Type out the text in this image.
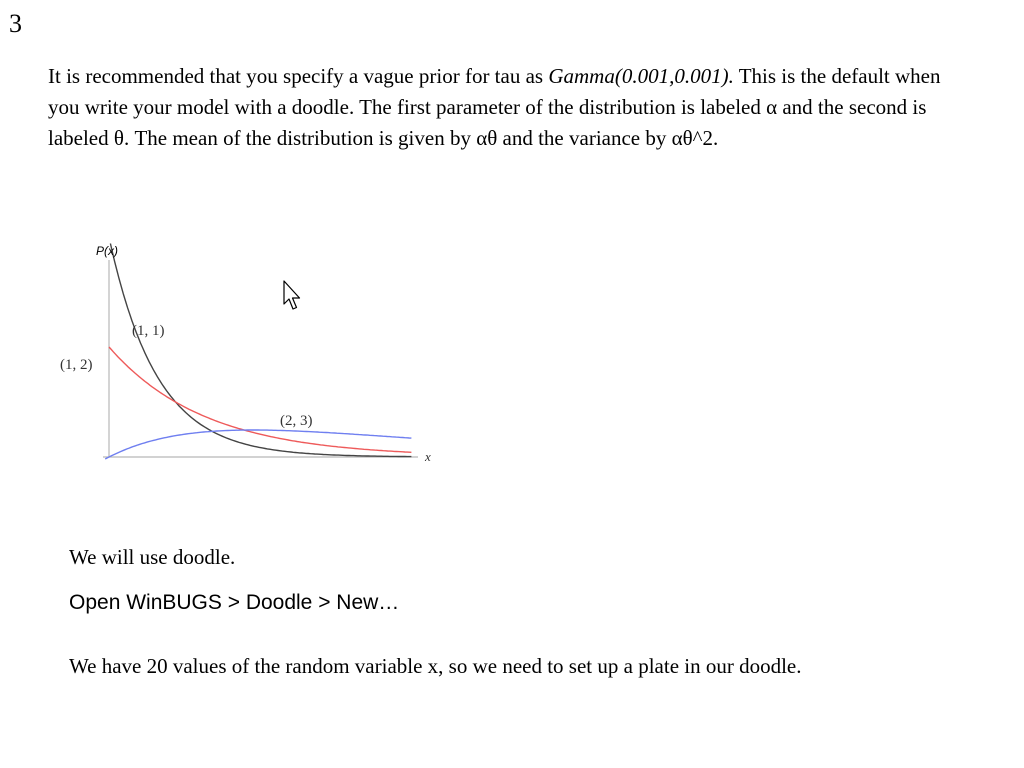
3

It is recommended that you specify a vague prior for tau as Gamma(0.001,0.001). This is the default when you write your model with a doodle. The first parameter of the distribution is labeled α and the second is labeled θ. The mean of the distribution is given by αθ and the variance by αθ^2.

P(x)
x
(1, 1)
(1, 2)
(2, 3)

We will use doodle.

Open WinBUGS > Doodle > New…

We have 20 values of the random variable x, so we need to set up a plate in our doodle.
